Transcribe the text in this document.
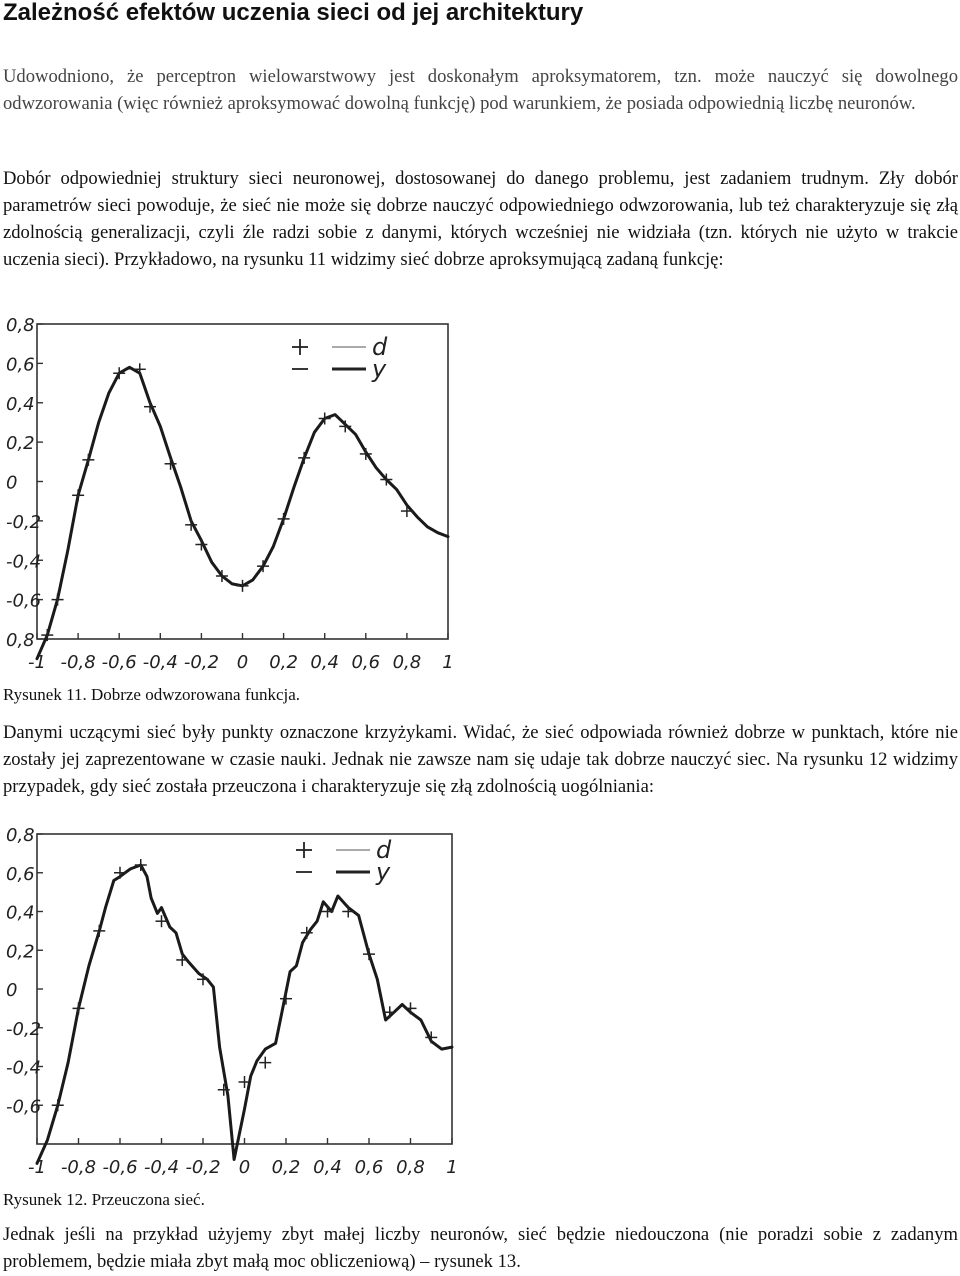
Zależność efektów uczenia sieci od jej architektury

Udowodniono, że perceptron wielowarstwowy jest doskonałym aproksymatorem, tzn. może nauczyć się dowolnego odwzorowania (więc również aproksymować dowolną funkcję) pod warunkiem, że posiada odpowiednią liczbę neuronów.

Dobór odpowiedniej struktury sieci neuronowej, dostosowanej do danego problemu, jest zadaniem trudnym. Zły dobór parametrów sieci powoduje, że sieć nie może się dobrze nauczyć odpowiedniego odwzorowania, lub też charakteryzuje się złą zdolnością generalizacji, czyli źle radzi sobie z danymi, których wcześniej nie widziała (tzn. których nie użyto w trakcie uczenia sieci). Przykładowo, na rysunku 11 widzimy sieć dobrze aproksymującą zadaną funkcję:

0,8
0,6
0,4
0,2
0
-0,2
-0,4
-0,6
0,8
-1 -0,8 -0,6 -0,4 -0,2 0 0,2 0,4 0,6 0,8 1
d
y

Rysunek 11. Dobrze odwzorowana funkcja.

Danymi uczącymi sieć były punkty oznaczone krzyżykami. Widać, że sieć odpowiada również dobrze w punktach, które nie zostały jej zaprezentowane w czasie nauki. Jednak nie zawsze nam się udaje tak dobrze nauczyć siec. Na rysunku 12 widzimy przypadek, gdy sieć została przeuczona i charakteryzuje się złą zdolnością uogólniania:

0,8
0,6
0,4
0,2
0
-0,2
-0,4
-0,6
-1 -0,8 -0,6 -0,4 -0,2 0 0,2 0,4 0,6 0,8 1
d
y

Rysunek 12. Przeuczona sieć.

Jednak jeśli na przykład użyjemy zbyt małej liczby neuronów, sieć będzie niedouczona (nie poradzi sobie z zadanym problemem, będzie miała zbyt małą moc obliczeniową) – rysunek 13.
